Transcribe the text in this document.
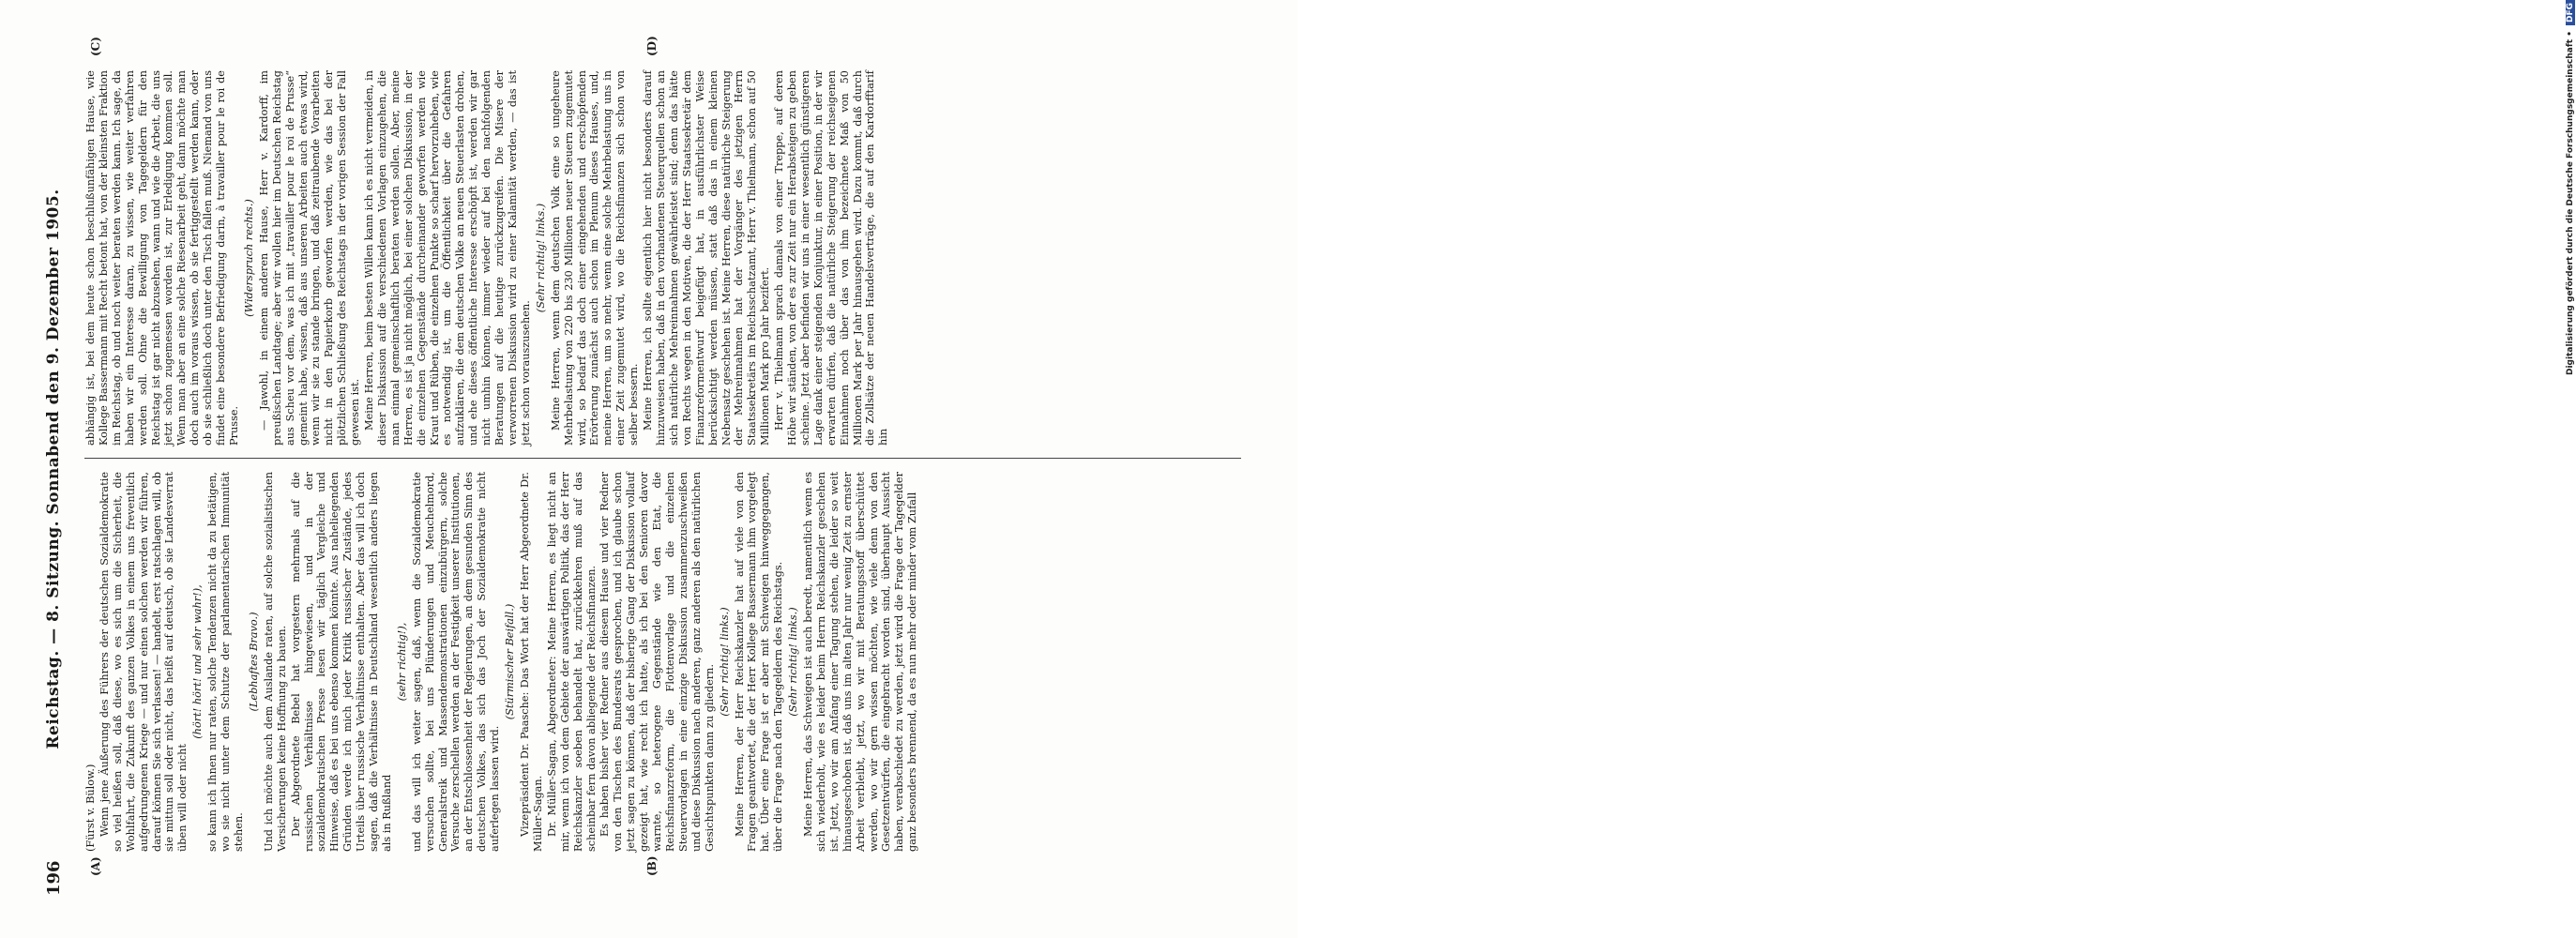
196
Reichstag. — 8. Sitzung. Sonnabend den 9. Dezember 1905.
(A)	(B)
(C)	(D)

(Fürst v. Bülow.) Wenn jene Äußerung des Führers der deutschen Sozialdemokratie so viel heißen soll, daß diese, wo es sich um die Sicherheit, die Wohlfahrt, die Zukunft des ganzen Volkes in einem uns freventlich aufgedrungenen Kriege — und nur einen solchen werden wir führen, darauf können Sie sich verlassen! — handelt, erst ratschlagen will, ob sie mittun soll oder nicht, das heißt auf deutsch, ob sie Landesverrat üben will oder nicht

(hört! hört! und sehr wahr!), so kann ich Ihnen nur raten, solche Tendenzen nicht da zu betätigen, wo sie nicht unter dem Schutze der parlamentarischen Immunität stehen.

(Lebhaftes Bravo.) Und ich möchte auch dem Auslande raten, auf solche sozialistischen Versicherungen keine Hoffnung zu bauen. Der Abgeordnete Bebel hat vorgestern mehrmals auf die russischen Verhältnisse hingewiesen, und in der sozialdemokratischen Presse lesen wir täglich Vergleiche und Hinweise, daß es bei uns ebenso kommen könnte. Aus naheliegenden Gründen werde ich mich jeder Kritik russischer Zustände, jedes Urteils über russische Verhältnisse enthalten. Aber das will ich doch sagen, daß die Verhältnisse in Deutschland wesentlich anders liegen als in Rußland

(sehr richtig!), und das will ich weiter sagen, daß, wenn die Sozialdemokratie versuchen sollte, bei uns Plünderungen und Meuchelmord, Generalstreik und Massendemonstrationen einzubürgern, solche Versuche zerschellen werden an der Festigkeit unserer Institutionen, an der Entschlossenheit der Regierungen, an dem gesunden Sinn des deutschen Volkes, das sich das Joch der Sozialdemokratie nicht auferlegen lassen wird.

(Stürmischer Beifall.) Vizepräsident Dr. Paasche: Das Wort hat der Herr Abgeordnete Dr. Müller-Sagan. Dr. Müller-Sagan, Abgeordneter: Meine Herren, es liegt nicht an mir, wenn ich von dem Gebiete der auswärtigen Politik, das der Herr Reichskanzler soeben behandelt hat, zurückkehren muß auf das scheinbar fern davon abliegende der Reichsfinanzen. Es haben bisher vier Redner aus diesem Hause und vier Redner von den Tischen des Bundesrats gesprochen, und ich glaube schon jetzt sagen zu können, daß der bisherige Gang der Diskussion vollauf gezeigt hat, wie recht ich hatte, als ich bei den Senioren davor warnte, so heterogene Gegenstände wie den Etat, die Reichsfinanzreform, die Flottenvorlage und die einzelnen Steuervorlagen in eine einzige Diskussion zusammenzuschweißen und diese Diskussion nach anderen, ganz anderen als den natürlichen Gesichtspunkten dann zu gliedern.

(Sehr richtig! links.) Meine Herren, der Herr Reichskanzler hat auf viele von den Fragen geantwortet, die der Herr Kollege Bassermann ihm vorgelegt hat. Über eine Frage ist er aber mit Schweigen hinweggegangen, über die Frage nach den Tagegeldern des Reichstags. (Sehr richtig! links.) Meine Herren, das Schweigen ist auch beredt, namentlich wenn es sich wiederholt, wie es leider beim Herrn Reichskanzler geschehen ist. Jetzt, wo wir am Anfang einer Tagung stehen, die leider so weit hinausgeschoben ist, daß uns im alten Jahr nur wenig Zeit zu ernster Arbeit verbleibt, jetzt, wo wir mit Beratungsstoff überschüttet werden, wo wir gern wissen möchten, wie viele denn von den Gesetzentwürfen, die eingebracht worden sind, überhaupt Aussicht haben, verabschiedet zu werden, jetzt wird die Frage der Tagegelder ganz besonders brennend, da es nun mehr oder minder vom Zufall

abhängig ist, bei dem heute schon beschlußunfähigen Hause, wie Kollege Bassermann mit Recht betont hat, von der kleinsten Fraktion im Reichstag, ob und noch weiter beraten werden kann. Ich sage, da haben wir ein Interesse daran, zu wissen, wie weiter verfahren werden soll. Ohne die Bewilligung von Tagegeldern für den Reichstag ist gar nicht abzusehen, wann und wie die Arbeit, die uns jetzt schon zugemessen worden ist, zur Erledigung kommen soll. Wenn man aber an eine solche Riesenarbeit geht, dann möchte man doch auch im voraus wissen, ob sie fertiggestellt werden kann, oder ob sie schließlich doch unter den Tisch fallen muß. Niemand von uns findet eine besondere Befriedigung darin, à travailler pour le roi de Prusse.

(Widerspruch rechts.) — Jawohl, in einem anderen Hause, Herr v. Kardorff, im preußischen Landtage; aber wir wollen hier im Deutschen Reichstag aus Scheu vor dem, was ich mit „travailler pour le roi de Prusse“ gemeint habe, wissen, daß aus unseren Arbeiten auch etwas wird, wenn wir sie zu stande bringen, und daß zeitraubende Vorarbeiten nicht in den Papierkorb geworfen werden, wie das bei der plötzlichen Schließung des Reichstags in der vorigen Session der Fall gewesen ist. Meine Herren, beim besten Willen kann ich es nicht vermeiden, in dieser Diskussion auf die verschiedenen Vorlagen einzugehen, die man einmal gemeinschaftlich beraten werden sollen. Aber, meine Herren, es ist ja nicht möglich, bei einer solchen Diskussion, in der die einzelnen Gegenstände durcheinander geworfen werden wie Kraut und Rüben, die einzelnen Punkte so scharf hervorzuheben, wie es notwendig ist, um die Öffentlichkeit über die Gefahren aufzuklären, die dem deutschen Volke an neuen Steuerlasten drohen, und ehe dieses öffentliche Interesse erschöpft ist, werden wir gar nicht umhin können, immer wieder auf bei den nachfolgenden Beratungen auf die heutige zurückzugreifen. Die Misere der verworrenen Diskussion wird zu einer Kalamität werden, — das ist jetzt schon vorauszusehen.

(Sehr richtig! links.) Meine Herren, wenn dem deutschen Volk eine so ungeheure Mehrbelastung von 220 bis 230 Millionen neuer Steuern zugemutet wird, so bedarf das doch einer eingehenden und erschöpfenden Erörterung zunächst auch schon im Plenum dieses Hauses, und, meine Herren, um so mehr, wenn eine solche Mehrbelastung uns in einer Zeit zugemutet wird, wo die Reichsfinanzen sich schon von selber bessern. Meine Herren, ich sollte eigentlich hier nicht besonders darauf hinzuweisen haben, daß in den vorhandenen Steuerquellen schon an sich natürliche Mehreinnahmen gewährleistet sind; denn das hätte von Rechts wegen in den Motiven, die der Herr Staatssekretär dem Finanzreformentwurf beigefügt hat, in ausführlichster Weise berücksichtigt werden müssen, statt daß das in einem kleinen Nebensatz geschehen ist. Meine Herren, diese natürliche Steigerung der Mehreinnahmen hat der Vorgänger des jetzigen Herrn Staatssekretärs im Reichsschatzamt, Herr v. Thielmann, schon auf 50 Millionen Mark pro Jahr bezifert. Herr v. Thielmann sprach damals von einer Treppe, auf deren Höhe wir ständen, von der es zur Zeit nur ein Herabsteigen zu geben scheine. Jetzt aber befinden wir uns in einer wesentlich günstigeren Lage dank einer steigenden Konjunktur, in einer Position, in der wir erwarten dürfen, daß die natürliche Steigerung der reichseigenen Einnahmen noch über das von ihm bezeichnete Maß von 50 Millionen Mark per Jahr hinausgehen wird. Dazu kommt, daß durch die Zollsätze der neuen Handelsverträge, die auf den Kardorfftarif hin

Digitalisierung gefördert durch die Deutsche Forschungsgemeinschaft •
DFG
